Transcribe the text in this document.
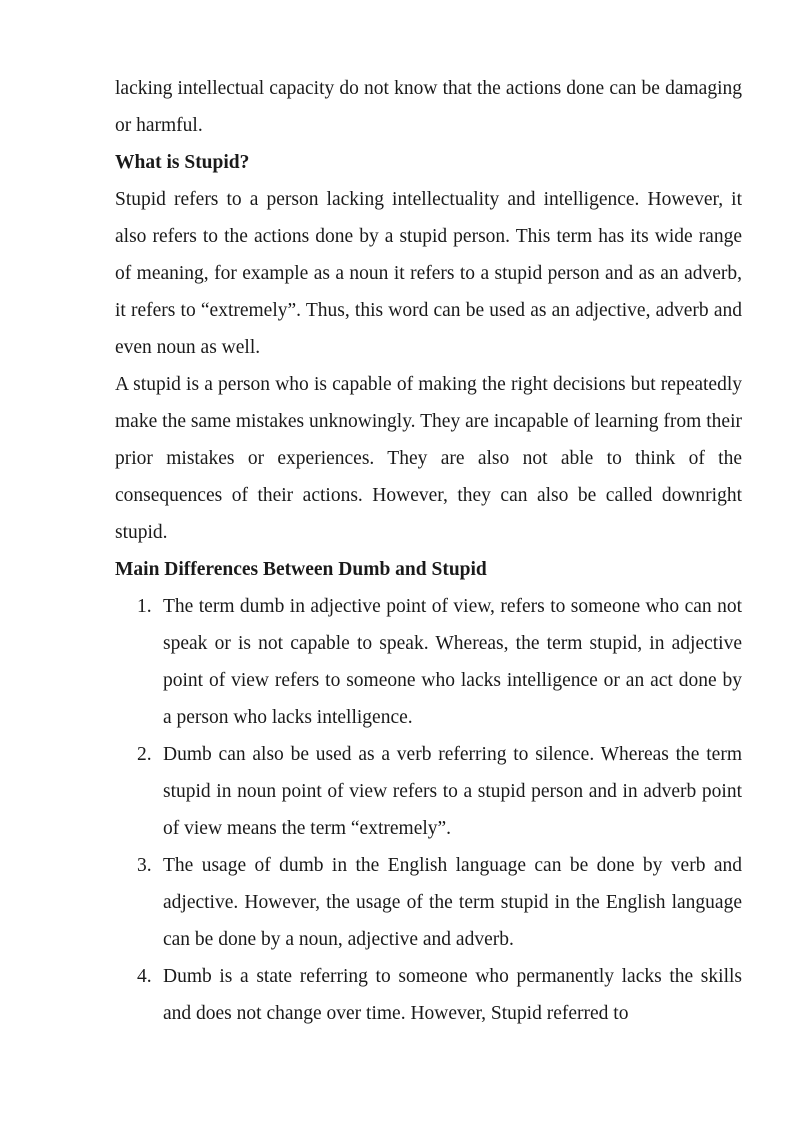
lacking intellectual capacity do not know that the actions done can be damaging or harmful.

What is Stupid?

Stupid refers to a person lacking intellectuality and intelligence. However, it also refers to the actions done by a stupid person. This term has its wide range of meaning, for example as a noun it refers to a stupid person and as an adverb, it refers to “extremely”. Thus, this word can be used as an adjective, adverb and even noun as well.

A stupid is a person who is capable of making the right decisions but repeatedly make the same mistakes unknowingly. They are incapable of learning from their prior mistakes or experiences. They are also not able to think of the consequences of their actions. However, they can also be called downright stupid.

Main Differences Between Dumb and Stupid
1. The term dumb in adjective point of view, refers to someone who can not speak or is not capable to speak. Whereas, the term stupid, in adjective point of view refers to someone who lacks intelligence or an act done by a person who lacks intelligence.
2. Dumb can also be used as a verb referring to silence. Whereas the term stupid in noun point of view refers to a stupid person and in adverb point of view means the term “extremely”.
3. The usage of dumb in the English language can be done by verb and adjective. However, the usage of the term stupid in the English language can be done by a noun, adjective and adverb.
4. Dumb is a state referring to someone who permanently lacks the skills and does not change over time. However, Stupid referred to
